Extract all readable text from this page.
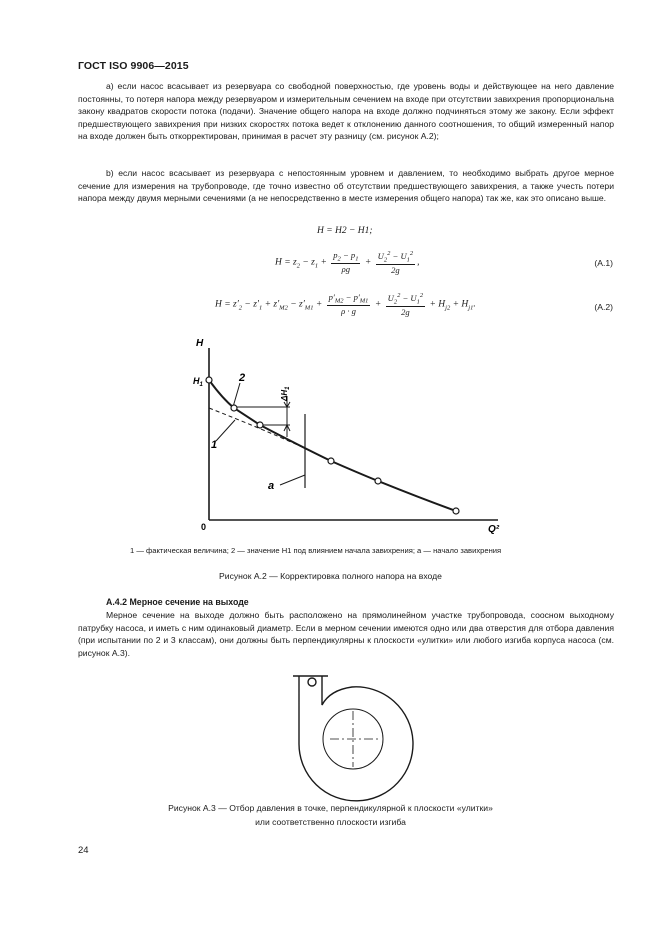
ГОСТ ISO 9906—2015

а) если насос всасывает из резервуара со свободной поверхностью, где уровень воды и действующее на него давление постоянны, то потеря напора между резервуаром и измерительным сечением на входе при отсутствии завихрения пропорциональна закону квадратов скорости потока (подачи). Значение общего напора на входе должно подчиняться этому же закону. Если эффект предшествующего завихрения при низких скоростях потока ведет к отклонению данного соотношения, то общий измеренный напор на входе должен быть откорректирован, принимая в расчет эту разницу (см. рисунок А.2);

b) если насос всасывает из резервуара с непостоянным уровнем и давлением, то необходимо выбрать другое мерное сечение для измерения на трубопроводе, где точно известно об отсутствии предшествующего завихрения, а также учесть потери напора между двумя мерными сечениями (а не непосредственно в месте измерения общего напора) так же, как это описано выше.

H = H2 − H1;
$H = z_2 - z_1 + \frac{p_2 - p_1}{\rho g} + \frac{U_2^2 - U_1^2}{2g}$ ,	(A.1)
$H = z'_2 - z'_1 + z'_{M2} - z'_{M1} + \frac{p'_{M2} - p'_{M1}}{\rho \cdot g} + \frac{U_2^2 - U_1^2}{2g} + H_{j2} + H_{j1}$.	(A.2)
H
Q²
0
$H_1$
2
1
a
$\Delta H_1$
1 — фактическая величина; 2 — значение H1 под влиянием начала завихрения; а — начало завихрения
Рисунок А.2 — Корректировка полного напора на входе
А.4.2 Мерное сечение на выходе

Мерное сечение на выходе должно быть расположено на прямолинейном участке трубопровода, соосном выходному патрубку насоса, и иметь с ним одинаковый диаметр. Если в мерном сечении имеются одно или два отверстия для отбора давления (при испытании по 2 и 3 классам), они должны быть перпендикулярны к плоскости «улитки» или любого изгиба корпуса насоса (см. рисунок А.3).

Рисунок А.3 — Отбор давления в точке, перпендикулярной к плоскости «улитки»
или соответственно плоскости изгиба
24
